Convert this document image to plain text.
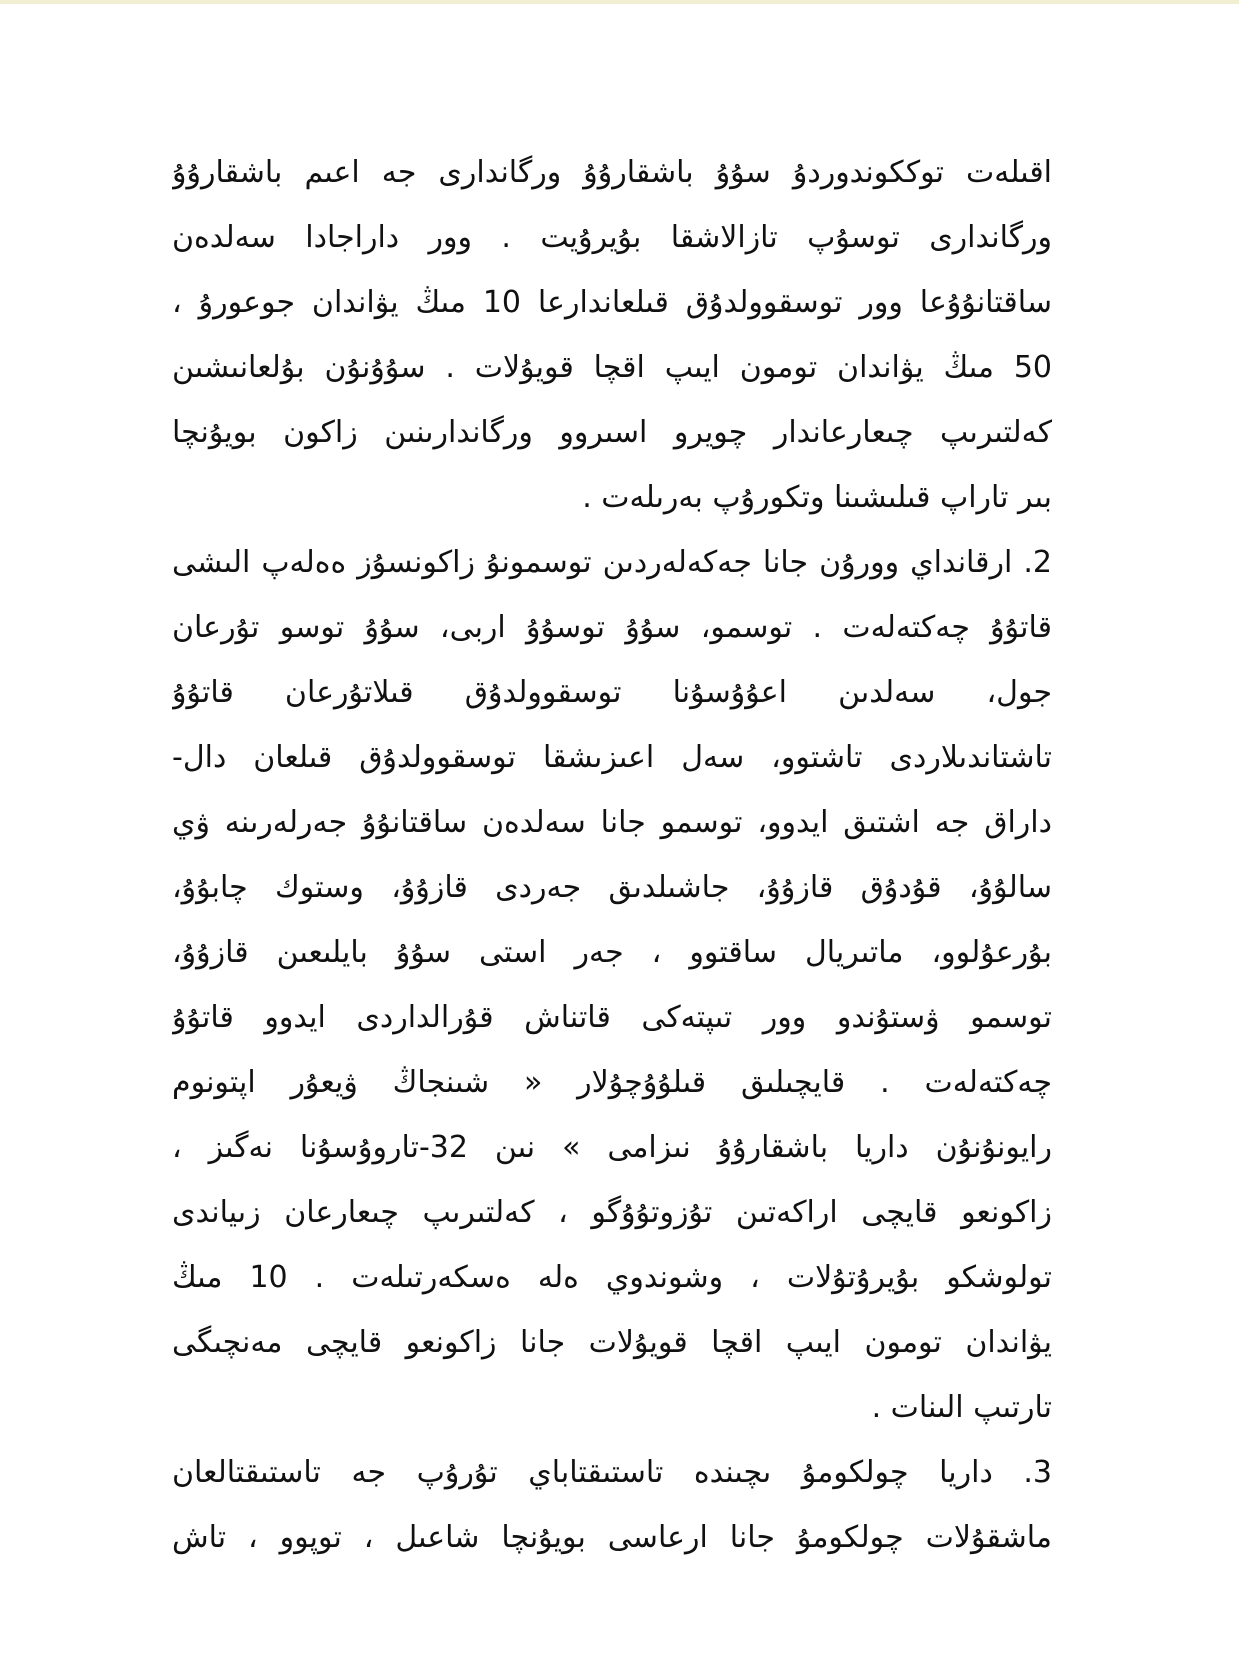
اقىلەت توككوندوردۇ سۇۇ باشقارۇۇ ورگاندارى جە اعىم باشقارۇۇ
ورگاندارى توسۇپ تازالاشقا بۇيرۇيت . وور داراجادا سەلدەن
ساقتانۇۇعا وور توسقوولدۇق قىلعاندارعا 10 مىڭ يۋاندان جوعورۇ ،
50 مىڭ يۋاندان تومون ايىپ اقچا قويۇلات . سۇۇنۇن بۇلعانىشىن
كەلتىرىپ چىعارعاندار چويرو اسىروو ورگاندارىنىن زاكون بويۇنچا
بىر تاراپ قىلىشىنا وتكورۇپ بەرىلەت .
2. ارقانداي وورۇن جانا جەكەلەردىن توسمونۇ زاكونسۇز ەەلەپ الىشى
قاتۇۇ چەكتەلەت . توسمو، سۇۇ توسۇۇ اربى، سۇۇ توسو تۇرعان
جول، سەلدىن اعۇۇسۇنا توسقوولدۇق قىلاتۇرعان قاتۇۇ
تاشتاندىلاردى تاشتوو، سەل اعىزىشقا توسقوولدۇق قىلعان دال-
داراق جە اشتىق ايدوو، توسمو جانا سەلدەن ساقتانۇۇ جەرلەرىنە ۋي
سالۇۇ، قۇدۇق قازۇۇ، جاشىلدىق جەردى قازۇۇ، وستوك چابۇۇ،
بۇرعۇلوو، ماتىريال ساقتوو ، جەر استى سۇۇ بايلىعىن قازۇۇ،
توسمو ۋستۇندو وور تىپتەكى قاتناش قۇرالداردى ايدوو قاتۇۇ
چەكتەلەت . قايچىلىق قىلۇۇچۇلار « شىنجاڭ ۋيعۇر اپتونوم
رايونۇنۇن داريا باشقارۇۇ نىزامى » نىن 32-تاروۇسۇنا نەگىز ،
زاكونعو قايچى اراكەتىن تۇزوتۇۇگو ، كەلتىرىپ چىعارعان زىياندى
تولوشكو بۇيرۇتۇلات ، وشوندوي ەلە ەسكەرتىلەت . 10 مىڭ
يۋاندان تومون ايىپ اقچا قويۇلات جانا زاكونعو قايچى مەنچىگى
تارتىپ الىنات .
3. داريا چولكومۇ ىچىندە تاستىقتاباي تۇرۇپ جە تاستىقتالعان
ماشقۇلات چولكومۇ جانا ارعاسى بويۇنچا شاعىل ، توپوو ، تاش
